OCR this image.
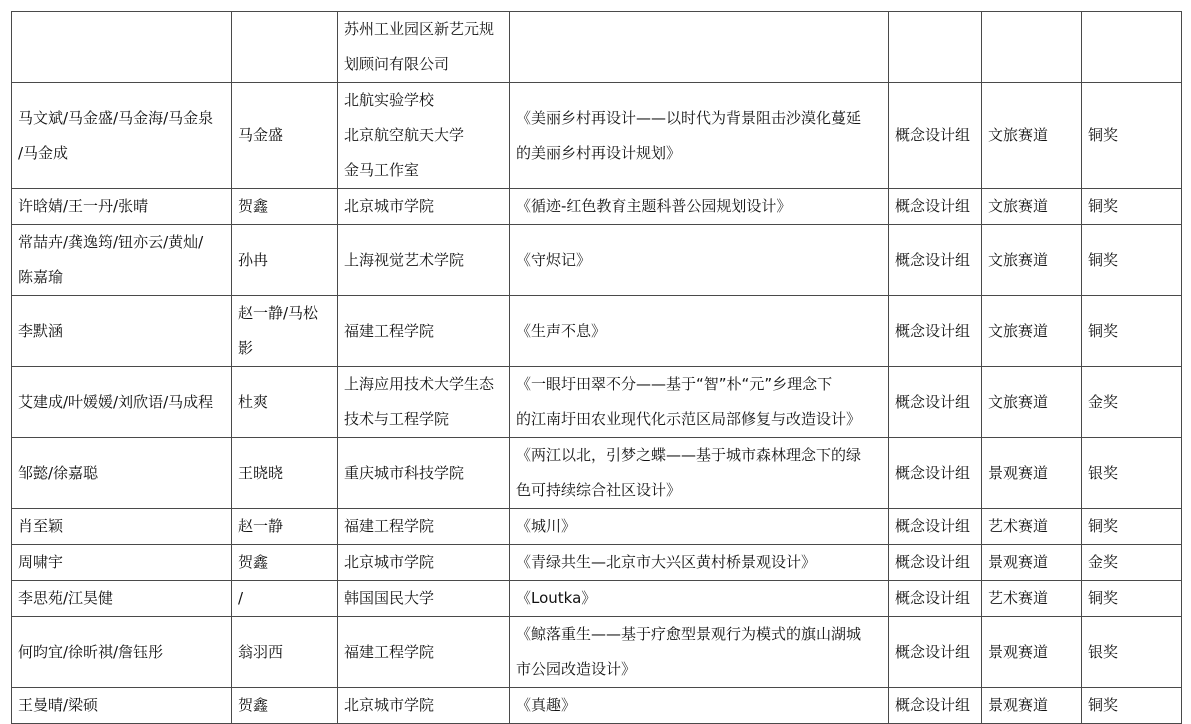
		苏州工业园区新艺元规
划顾问有限公司				

马文斌/马金盛/马金海/马金泉
/马金成	马金盛	北航实验学校
北京航空航天大学
金马工作室	《美丽乡村再设计——以时代为背景阻击沙漠化蔓延
的美丽乡村再设计规划》	概念设计组	文旅赛道	铜奖

许晗婧/王一丹/张晴	贺鑫	北京城市学院	《循迹-红色教育主题科普公园规划设计》	概念设计组	文旅赛道	铜奖

常喆卉/龚逸筠/钮亦云/黄灿/
陈嘉瑜	孙冉	上海视觉艺术学院	《守烬记》	概念设计组	文旅赛道	铜奖

李默涵	赵一静/马松
影	福建工程学院	《生声不息》	概念设计组	文旅赛道	铜奖

艾建成/叶媛媛/刘欣语/马成程	杜爽	上海应用技术大学生态
技术与工程学院	《一眼圩田翠不分——基于“智”朴“元”乡理念下
的江南圩田农业现代化示范区局部修复与改造设计》	概念设计组	文旅赛道	金奖

邹懿/徐嘉聪	王晓晓	重庆城市科技学院	《两江以北，引梦之蝶——基于城市森林理念下的绿
色可持续综合社区设计》	概念设计组	景观赛道	银奖

肖至颖	赵一静	福建工程学院	《城川》	概念设计组	艺术赛道	铜奖

周啸宇	贺鑫	北京城市学院	《青绿共生—北京市大兴区黄村桥景观设计》	概念设计组	景观赛道	金奖

李思苑/江昊健	/	韩国国民大学	《Loutka》	概念设计组	艺术赛道	铜奖

何昀宜/徐昕祺/詹钰彤	翁羽西	福建工程学院	《鲸落重生——基于疗愈型景观行为模式的旗山湖城
市公园改造设计》	概念设计组	景观赛道	银奖

王曼晴/梁硕	贺鑫	北京城市学院	《真趣》	概念设计组	景观赛道	铜奖
